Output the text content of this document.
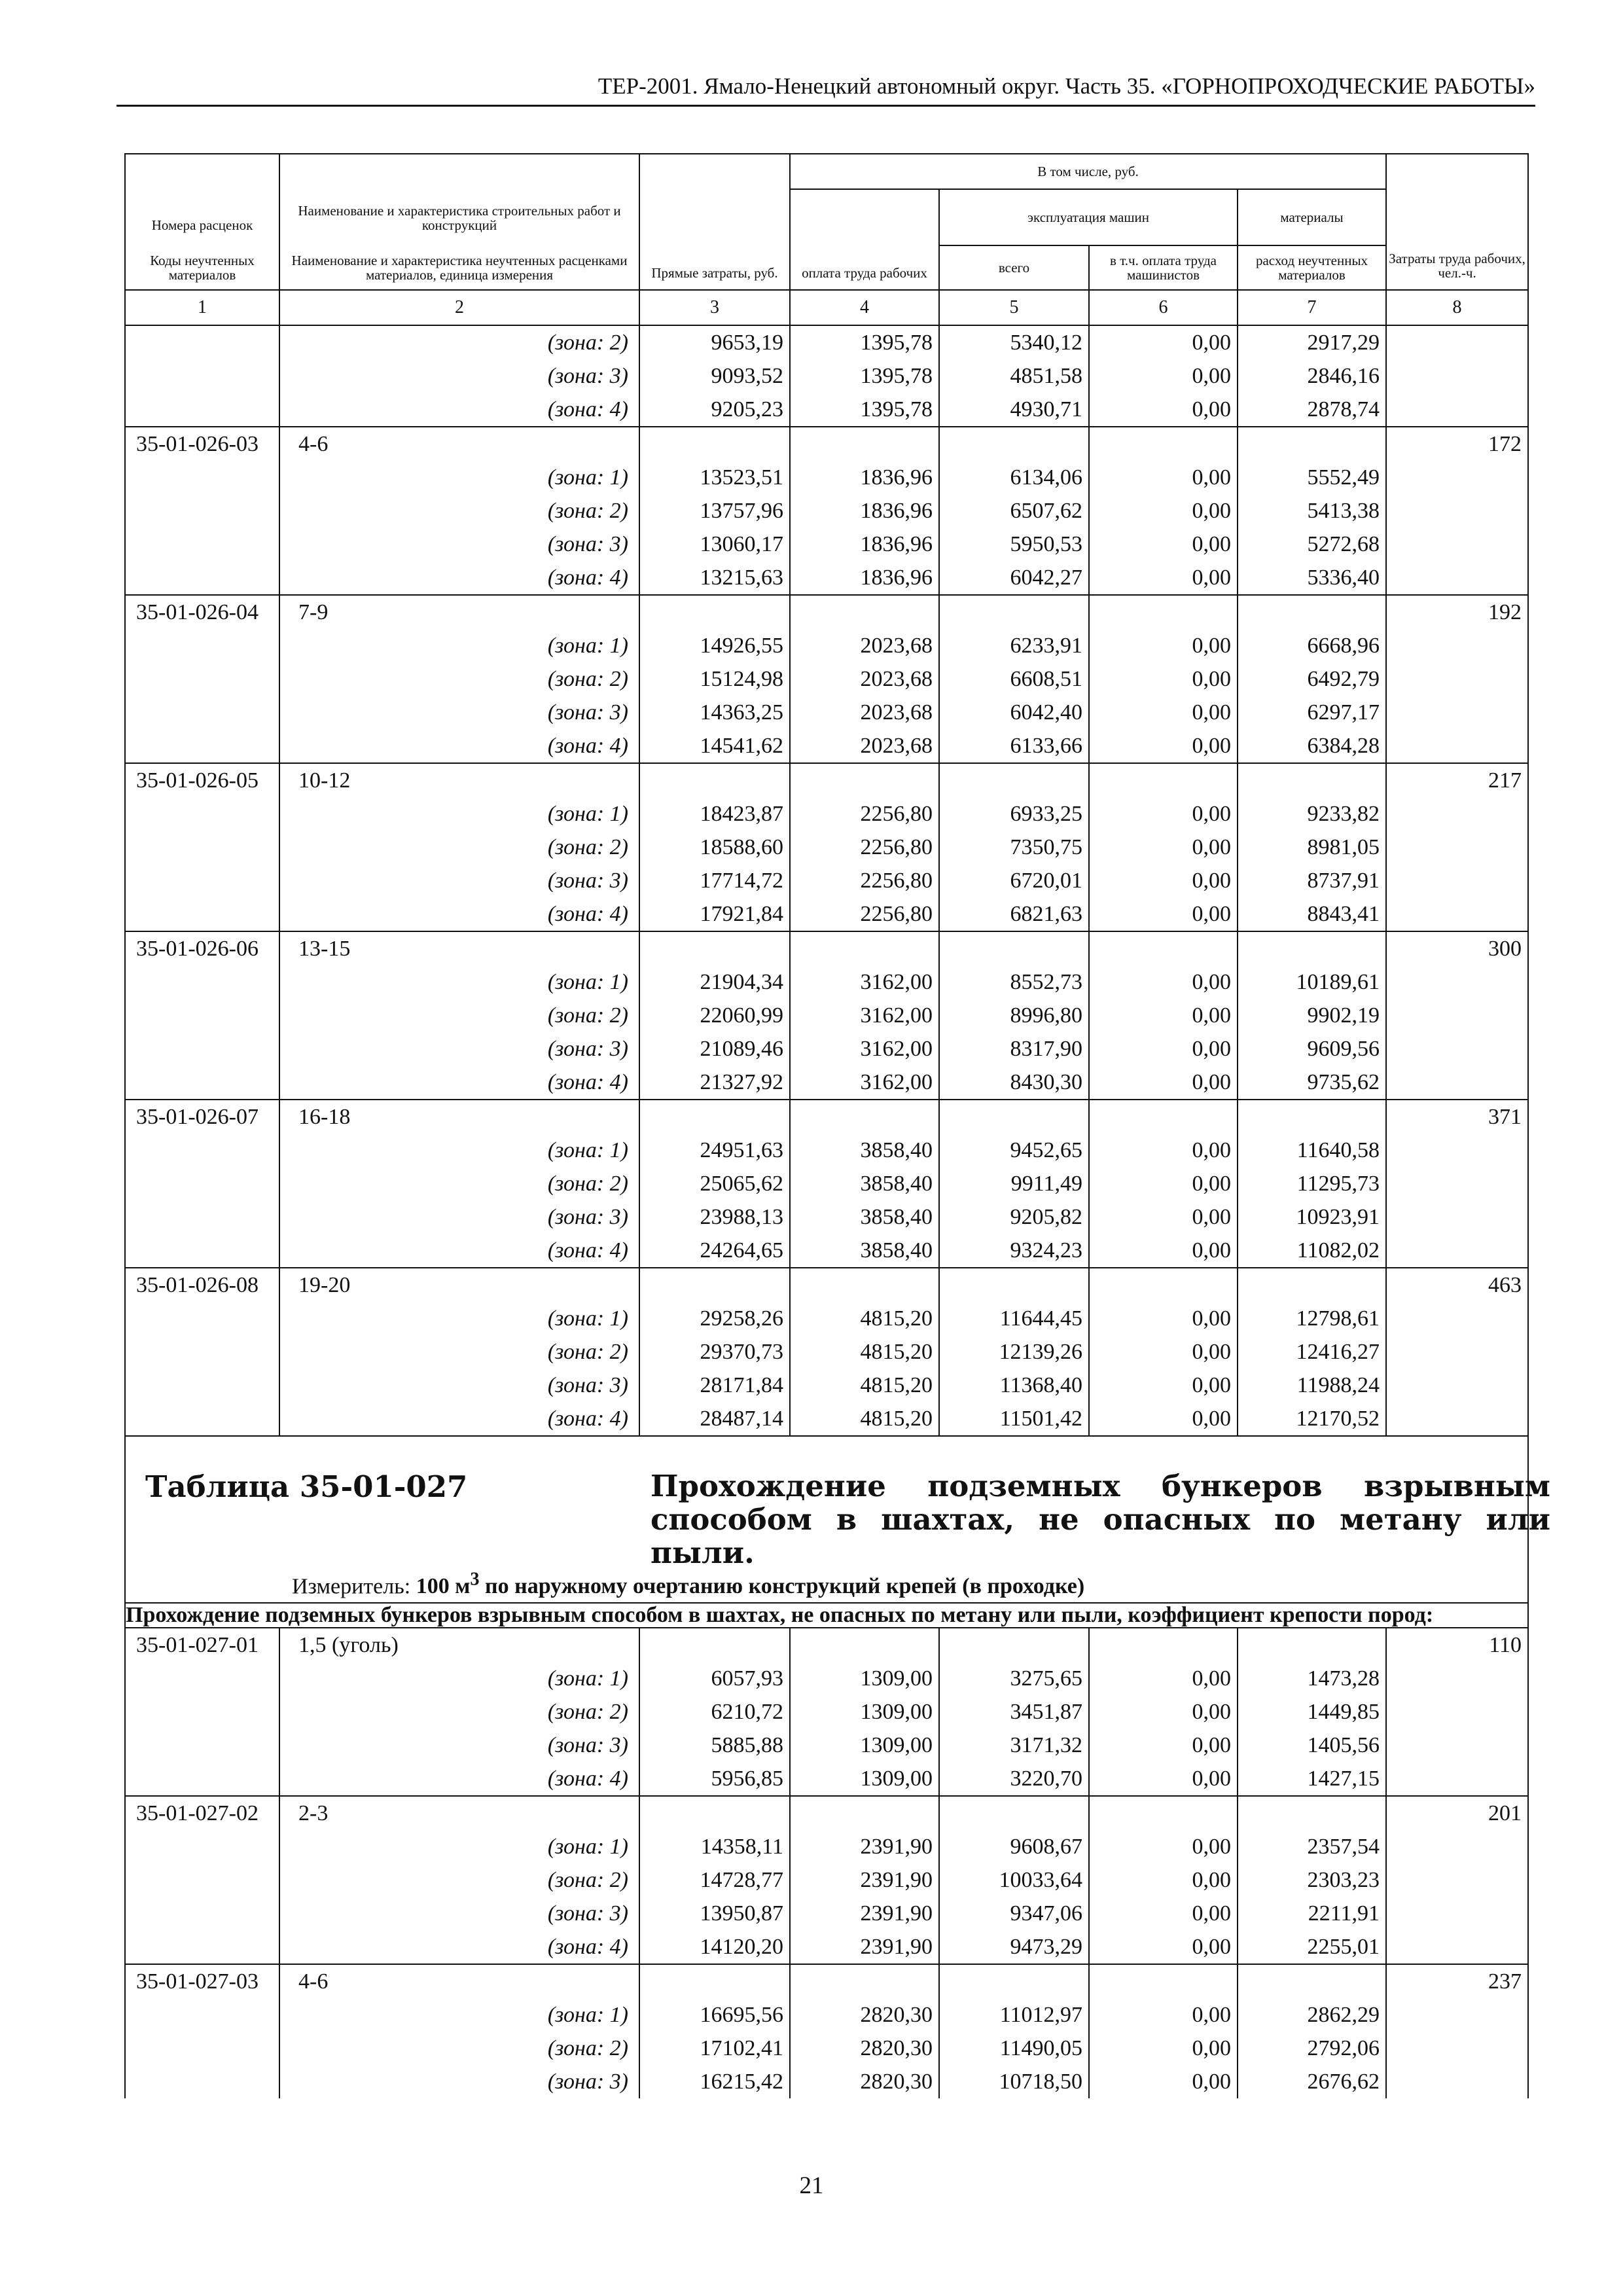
ТЕР-2001. Ямало-Ненецкий автономный округ. Часть 35. «ГОРНОПРОХОДЧЕСКИЕ РАБОТЫ»
Номера расценок	Наименование и характеристика строительных работ и конструкций	Прямые затраты, руб.	В том числе, руб.				Затраты труда рабочих, чел.-ч.
			оплата труда рабочих	эксплуатация машин		материалы	
Коды неучтенных материалов	Наименование и характеристика неучтенных расценками материалов, единица измерения			всего	в т.ч. оплата труда машинистов	расход неучтенных материалов	
1	2	3	4	5	6	7	8
	(зона: 2)	9653,19	1395,78	5340,12	0,00	2917,29	
	(зона: 3)	9093,52	1395,78	4851,58	0,00	2846,16	
	(зона: 4)	9205,23	1395,78	4930,71	0,00	2878,74	
35-01-026-03	4-6						172
	(зона: 1)	13523,51	1836,96	6134,06	0,00	5552,49	
	(зона: 2)	13757,96	1836,96	6507,62	0,00	5413,38	
	(зона: 3)	13060,17	1836,96	5950,53	0,00	5272,68	
	(зона: 4)	13215,63	1836,96	6042,27	0,00	5336,40	
35-01-026-04	7-9						192
	(зона: 1)	14926,55	2023,68	6233,91	0,00	6668,96	
	(зона: 2)	15124,98	2023,68	6608,51	0,00	6492,79	
	(зона: 3)	14363,25	2023,68	6042,40	0,00	6297,17	
	(зона: 4)	14541,62	2023,68	6133,66	0,00	6384,28	
35-01-026-05	10-12						217
	(зона: 1)	18423,87	2256,80	6933,25	0,00	9233,82	
	(зона: 2)	18588,60	2256,80	7350,75	0,00	8981,05	
	(зона: 3)	17714,72	2256,80	6720,01	0,00	8737,91	
	(зона: 4)	17921,84	2256,80	6821,63	0,00	8843,41	
35-01-026-06	13-15						300
	(зона: 1)	21904,34	3162,00	8552,73	0,00	10189,61	
	(зона: 2)	22060,99	3162,00	8996,80	0,00	9902,19	
	(зона: 3)	21089,46	3162,00	8317,90	0,00	9609,56	
	(зона: 4)	21327,92	3162,00	8430,30	0,00	9735,62	
35-01-026-07	16-18						371
	(зона: 1)	24951,63	3858,40	9452,65	0,00	11640,58	
	(зона: 2)	25065,62	3858,40	9911,49	0,00	11295,73	
	(зона: 3)	23988,13	3858,40	9205,82	0,00	10923,91	
	(зона: 4)	24264,65	3858,40	9324,23	0,00	11082,02	
35-01-026-08	19-20						463
	(зона: 1)	29258,26	4815,20	11644,45	0,00	12798,61	
	(зона: 2)	29370,73	4815,20	12139,26	0,00	12416,27	
	(зона: 3)	28171,84	4815,20	11368,40	0,00	11988,24	
	(зона: 4)	28487,14	4815,20	11501,42	0,00	12170,52	

Таблица 35-01-027 Прохождение подземных бункеров взрывным способом в шахтах, не опасных по метану или пыли.
Измеритель: 100 $м^3$ по наружному очертанию конструкций крепей (в проходке)							

Прохождение подземных бункеров взрывным способом в шахтах, не опасных по метану или пыли, коэффициент крепости пород:							
35-01-027-01	1,5 (уголь)						110
	(зона: 1)	6057,93	1309,00	3275,65	0,00	1473,28	
	(зона: 2)	6210,72	1309,00	3451,87	0,00	1449,85	
	(зона: 3)	5885,88	1309,00	3171,32	0,00	1405,56	
	(зона: 4)	5956,85	1309,00	3220,70	0,00	1427,15	
35-01-027-02	2-3						201
	(зона: 1)	14358,11	2391,90	9608,67	0,00	2357,54	
	(зона: 2)	14728,77	2391,90	10033,64	0,00	2303,23	
	(зона: 3)	13950,87	2391,90	9347,06	0,00	2211,91	
	(зона: 4)	14120,20	2391,90	9473,29	0,00	2255,01	
35-01-027-03	4-6						237
	(зона: 1)	16695,56	2820,30	11012,97	0,00	2862,29	
	(зона: 2)	17102,41	2820,30	11490,05	0,00	2792,06	
	(зона: 3)	16215,42	2820,30	10718,50	0,00	2676,62	
21
